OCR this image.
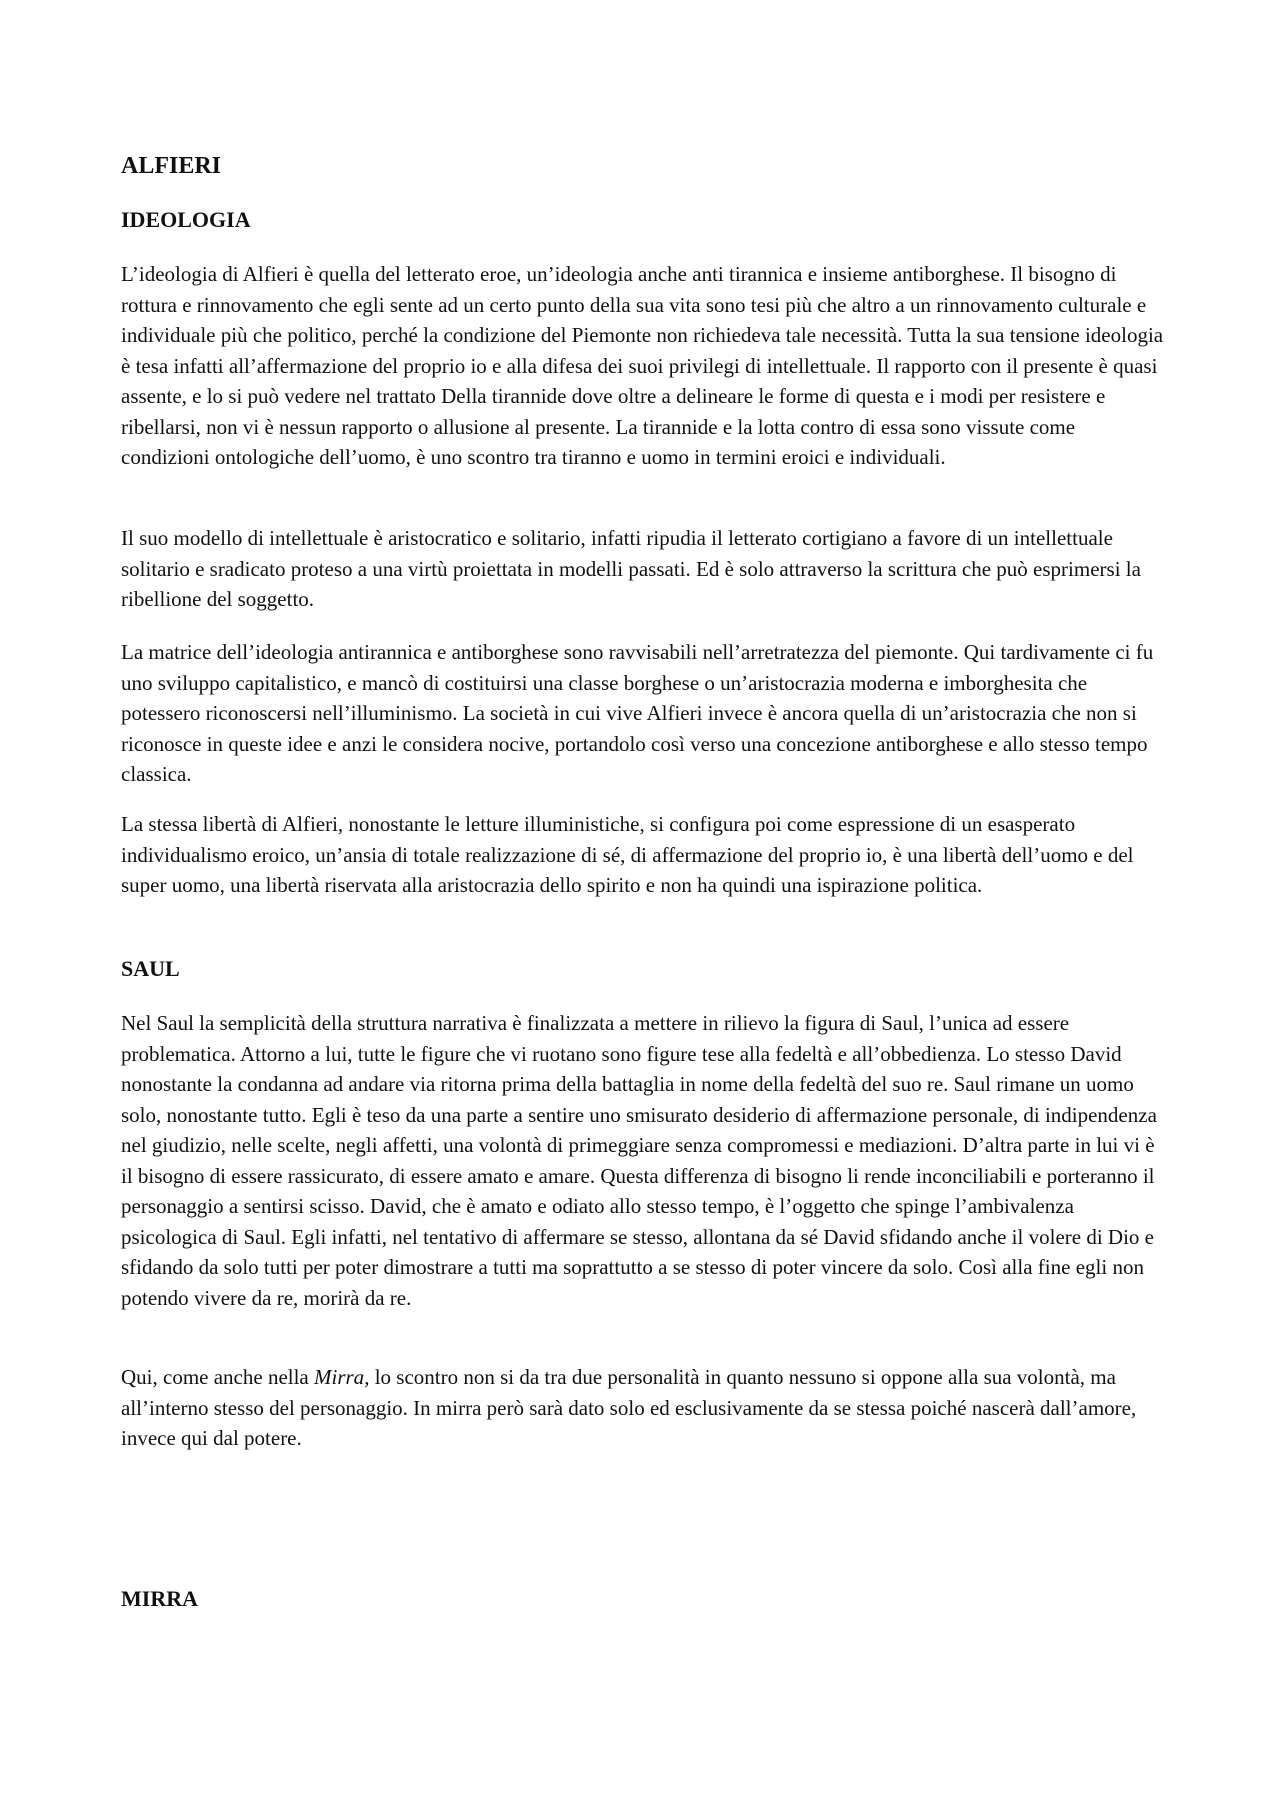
ALFIERI
IDEOLOGIA

L’ideologia di Alfieri è quella del letterato eroe, un’ideologia anche anti tirannica e insieme antiborghese. Il bisogno di rottura e rinnovamento che egli sente ad un certo punto della sua vita sono tesi più che altro a un rinnovamento culturale e individuale più che politico, perché la condizione del Piemonte non richiedeva tale necessità. Tutta la sua tensione ideologia è tesa infatti all’affermazione del proprio io e alla difesa dei suoi privilegi di intellettuale. Il rapporto con il presente è quasi assente, e lo si può vedere nel trattato Della tirannide dove oltre a delineare le forme di questa e i modi per resistere e ribellarsi, non vi è nessun rapporto o allusione al presente. La tirannide e la lotta contro di essa sono vissute come condizioni ontologiche dell’uomo, è uno scontro tra tiranno e uomo in termini eroici e individuali.

Il suo modello di intellettuale è aristocratico e solitario, infatti ripudia il letterato cortigiano a favore di un intellettuale solitario e sradicato proteso a una virtù proiettata in modelli passati. Ed è solo attraverso la scrittura che può esprimersi la ribellione del soggetto.

La matrice dell’ideologia antirannica e antiborghese sono ravvisabili nell’arretratezza del piemonte. Qui tardivamente ci fu uno sviluppo capitalistico, e mancò di costituirsi una classe borghese o un’aristocrazia moderna e imborghesita che potessero riconoscersi nell’illuminismo. La società in cui vive Alfieri invece è ancora quella di un’aristocrazia che non si riconosce in queste idee e anzi le considera nocive, portandolo così verso una concezione antiborghese e allo stesso tempo classica.

La stessa libertà di Alfieri, nonostante le letture illuministiche, si configura poi come espressione di un esasperato individualismo eroico, un’ansia di totale realizzazione di sé, di affermazione del proprio io, è una libertà dell’uomo e del super uomo, una libertà riservata alla aristocrazia dello spirito e non ha quindi una ispirazione politica.

SAUL

Nel Saul la semplicità della struttura narrativa è finalizzata a mettere in rilievo la figura di Saul, l’unica ad essere problematica. Attorno a lui, tutte le figure che vi ruotano sono figure tese alla fedeltà e all’obbedienza. Lo stesso David nonostante la condanna ad andare via ritorna prima della battaglia in nome della fedeltà del suo re. Saul rimane un uomo solo, nonostante tutto. Egli è teso da una parte a sentire uno smisurato desiderio di affermazione personale, di indipendenza nel giudizio, nelle scelte, negli affetti, una volontà di primeggiare senza compromessi e mediazioni. D’altra parte in lui vi è il bisogno di essere rassicurato, di essere amato e amare. Questa differenza di bisogno li rende inconciliabili e porteranno il personaggio a sentirsi scisso. David, che è amato e odiato allo stesso tempo, è l’oggetto che spinge l’ambivalenza psicologica di Saul. Egli infatti, nel tentativo di affermare se stesso, allontana da sé David sfidando anche il volere di Dio e sfidando da solo tutti per poter dimostrare a tutti ma soprattutto a se stesso di poter vincere da solo. Così alla fine egli non potendo vivere da re, morirà da re.

Qui, come anche nella Mirra, lo scontro non si da tra due personalità in quanto nessuno si oppone alla sua volontà, ma all’interno stesso del personaggio. In mirra però sarà dato solo ed esclusivamente da se stessa poiché nascerà dall’amore, invece qui dal potere.

MIRRA
